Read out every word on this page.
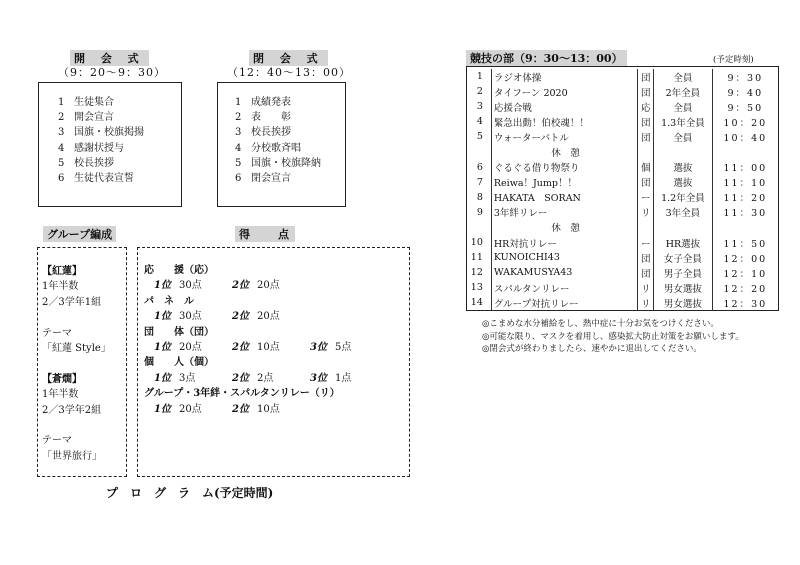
開 会 式
（9：20〜9：30）
1 生徒集合
2 開会宣言
3 国旗・校旗掲揚
4 感謝状授与
5 校長挨拶
6 生徒代表宣誓
閉 会 式
（12：40〜13：00）
1 成績発表
2 表　　彰
3 校長挨拶
4 分校歌斉唱
5 国旗・校旗降納
6 閉会宣言
グループ編成
【紅蓮】
1年半数
2／3学年1組
テーマ
「紅蓮 Style」
【蒼燗】
1年半数
2／3学年2組
テーマ
「世界旅行」
得　　点
応　　援（応）
1位 30点	2位 20点
パ　ネ　ル
1位 30点	2位 20点
団　　体（団）
1位 20点	2位 10点	3位 5点
個　　人（個）
1位 3点	2位 2点	3位 1点
グループ・3年絆・スパルタンリレー（リ）
1位 20点	2位 10点
プ　ロ　グ　ラ　ム(予定時間)
競技の部（9：30〜13：00）	(予定時刻)
1	ラジオ体操	団	全員	9：30
2	タイフーン 2020	団	2年全員	9：40
3	応援合戦	応	全員	9：50
4	緊急出動！伯校魂！！	団	1.3年全員	10：20
5	ウォーターバトル	団	全員	10：40
	休　憩			
6	ぐるぐる借り物祭り	個	選抜	11：00
7	Reiwa！Jump！！	団	選抜	11：10
8	HAKATA　SORAN	ー	1.2年全員	11：20
9	3年絆リレー	リ	3年全員	11：30
	休　憩			
10	HR対抗リレー	ー	HR選抜	11：50
11	KUNOICHI43	団	女子全員	12：00
12	WAKAMUSYA43	団	男子全員	12：10
13	スパルタンリレー	リ	男女選抜	12：20
14	グループ対抗リレー	リ	男女選抜	12：30
◎こまめな水分補給をし、熱中症に十分お気をつけください。
◎可能な限り、マスクを着用し、感染拡大防止対策をお願いします。
◎閉会式が終わりましたら、速やかに退出してください。
